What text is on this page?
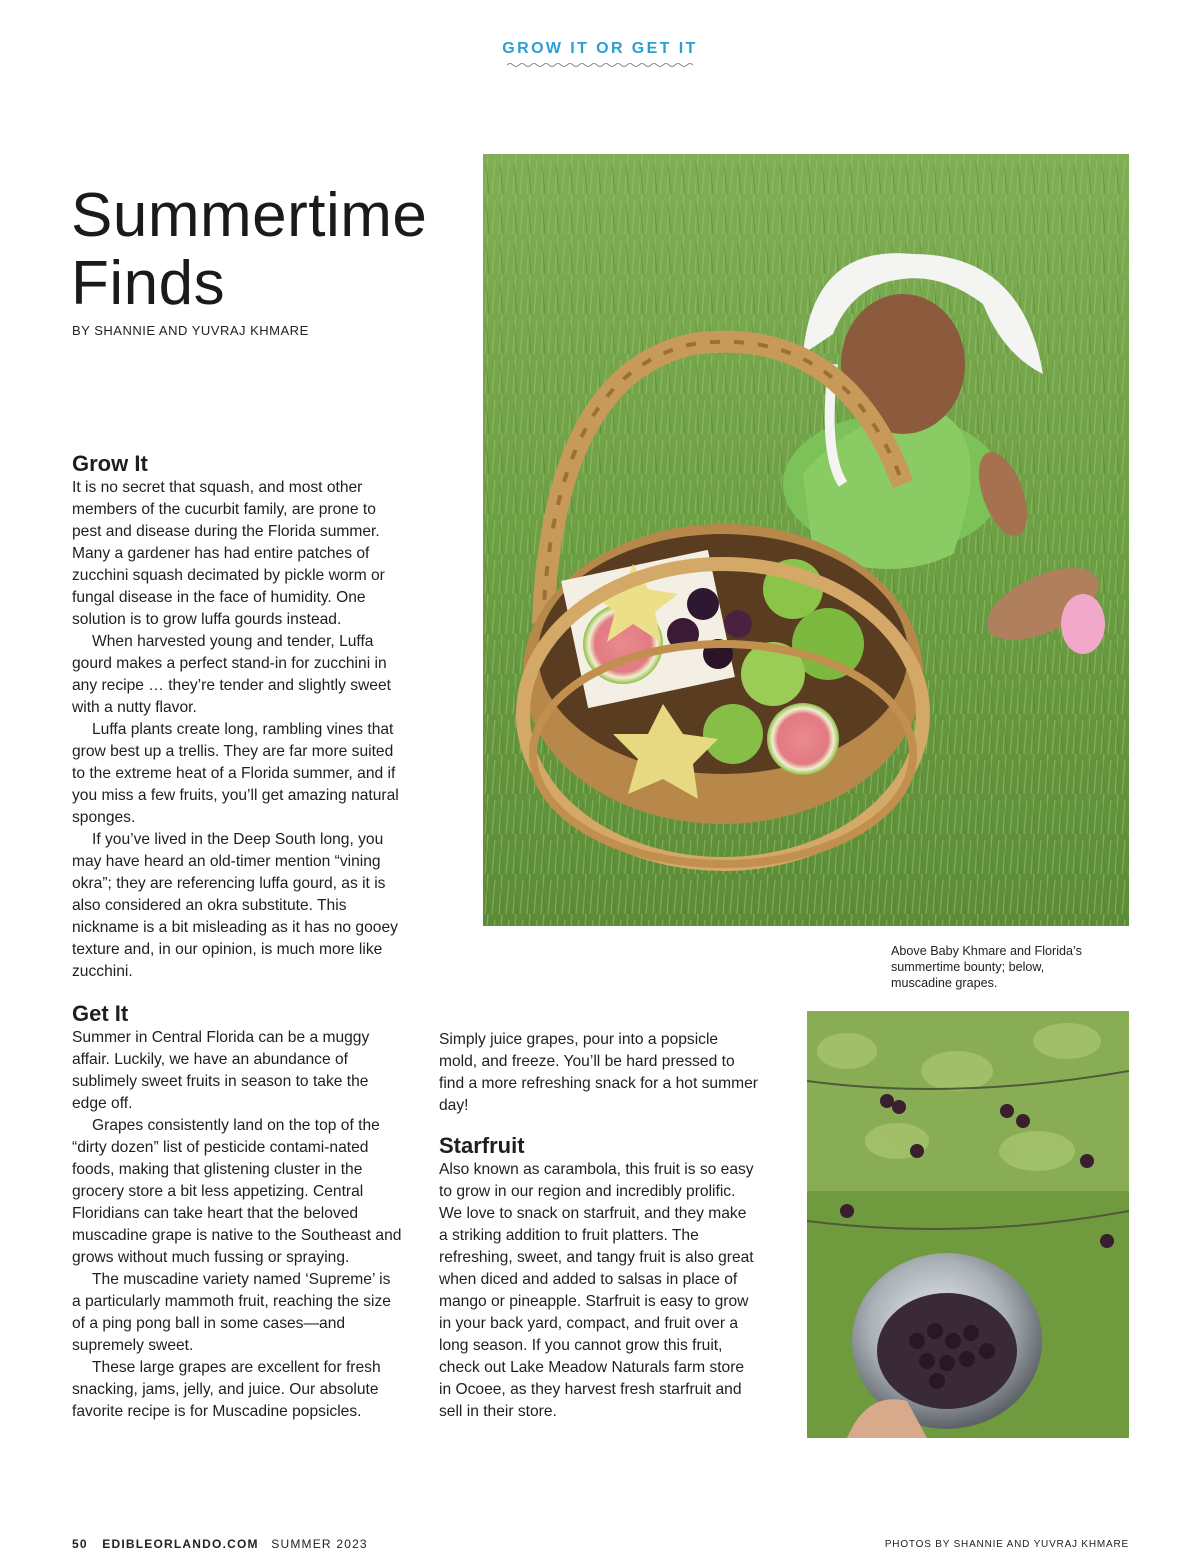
GROW IT OR GET IT
Summertime
Finds
BY SHANNIE AND YUVRAJ KHMARE
Grow It

It is no secret that squash, and most other members of the cucurbit family, are prone to pest and disease during the Florida summer. Many a gardener has had entire patches of zucchini squash decimated by pickle worm or fungal disease in the face of humidity. One solution is to grow luffa gourds instead.

When harvested young and tender, Luffa gourd makes a perfect stand-in for zucchini in any recipe … they’re tender and slightly sweet with a nutty flavor.

Luffa plants create long, rambling vines that grow best up a trellis. They are far more suited to the extreme heat of a Florida summer, and if you miss a few fruits, you’ll get amazing natural sponges.

If you’ve lived in the Deep South long, you may have heard an old-timer mention “vining okra”; they are referencing luffa gourd, as it is also considered an okra substitute. This nickname is a bit misleading as it has no gooey texture and, in our opinion, is much more like zucchini.

Get It

Summer in Central Florida can be a muggy affair. Luckily, we have an abundance of sublimely sweet fruits in season to take the edge off.

Grapes consistently land on the top of the “dirty dozen” list of pesticide contami-nated foods, making that glistening cluster in the grocery store a bit less appetizing. Central Floridians can take heart that the beloved muscadine grape is native to the Southeast and grows without much fussing or spraying.

The muscadine variety named ‘Supreme’ is a particularly mammoth fruit, reaching the size of a ping pong ball in some cases—and supremely sweet.

These large grapes are excellent for fresh snacking, jams, jelly, and juice. Our absolute favorite recipe is for Muscadine popsicles.

Simply juice grapes, pour into a popsicle mold, and freeze. You’ll be hard pressed to find a more refreshing snack for a hot summer day!

Starfruit

Also known as carambola, this fruit is so easy to grow in our region and incredibly prolific. We love to snack on starfruit, and they make a striking addition to fruit platters. The refreshing, sweet, and tangy fruit is also great when diced and added to salsas in place of mango or pineapple. Starfruit is easy to grow in your back yard, compact, and fruit over a long season. If you cannot grow this fruit, check out Lake Meadow Naturals farm store in Ocoee, as they harvest fresh starfruit and sell in their store.

Above Baby Khmare and Florida’s summertime bounty; below, muscadine grapes.
50 EDIBLEORLANDO.COM SUMMER 2023	PHOTOS BY SHANNIE AND YUVRAJ KHMARE
